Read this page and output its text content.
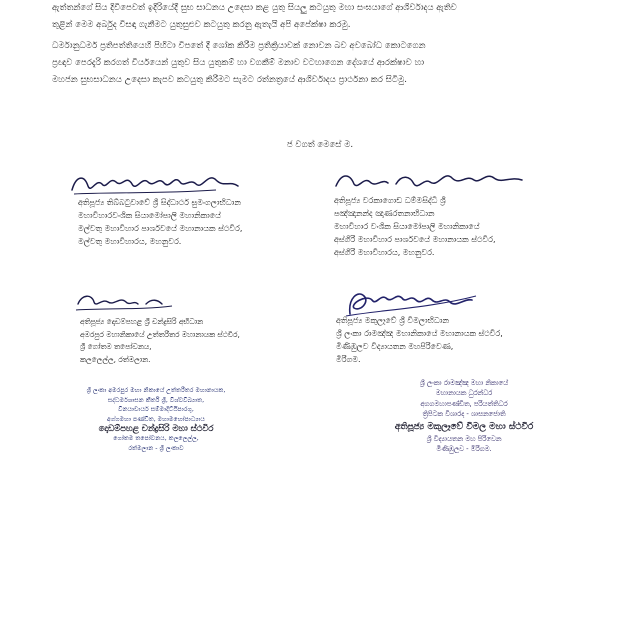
ඇත්තන්ගේ සිය දිවිපෙවත් ඉදිරියේදී සුභ සාධනය උදෙසා කළ යුතු සියලු කටයුතු මහා සංඝයාගේ ආශිර්වාදය ඇතිව
තුළින් මෙම අර්බුද විසඳා ගැනීමට යුතුසුළුව කටයුතු කරනු ඇතැයි අපි අපේක්ෂා කරමු.

ධර්මානුධර්ම ප්‍රතිපත්තියෙහි පිහිටා විපතේ දී ශෝක කිරීම ප්‍රතික්‍රියාවක් නොවන බව අවබෝධ කොටගෙන
ප්‍රඥාව පෙරදැරි කරගත් වීර්යයෙන් යුතුව සිය යුතුකම් හා වගකීම් මනාව වටහාගෙන දේශයේ ආරක්ෂාව හා
මහජන සුභසාධනය උදෙසා කැපව කටයුතු කිරීමට සැමට රත්නත්‍රයේ ආශිර්වාදය ප්‍රාර්ථනා කර සිටිමු.

ජ වගත් මෙසේ ම.
අතිපූජ්‍ය තිබ්බටුවාවේ ශ්‍රී සිද්ධාර්ථ සුමංගලාභිධාන
මහාවිහාරවංශික සියාමෝපාලි මහානිකායේ
මල්වතු මහාවිහාර පාර්ශවයේ මහානායක ස්ථවිර,
මල්වතු මහාවිහාරය, මහනුවර.
අතිපූජ්‍ය වරකාගොඩ ධම්මසිද්ධි ශ්‍රී
පඤ්ඤානන්ද ඤාණරතනාභිධාන
මහාවිහාර වංශික සියාමෝපාලි මහානිකායේ
අස්ගිරි මහාවිහාර පාර්ශවයේ මහානායක ස්ථවිර,
අස්ගිරි මහාවිහාරය, මහනුවර.
අතිපූජ්‍ය දොඩම්පහළ ශ්‍රී චන්ද්‍රසිරි අභිධාන
අමරපුර මහානිකායේ උත්තරීතර මහානායක ස්ථවිර,
ශ්‍රී ගෝතම තපෝවනය,
කලලෙල්ල, රත්මලාන.
අතිපූජ්‍ය මකුලෑවේ ශ්‍රී විමලාභිධාන
ශ්‍රී ලංකා රාමඤ්ඤ මහානිකායේ මහානායක ස්ථවිර,
මිණිඹුලව විද්‍යායතන මහපිරිවෙණ,
මීරිගම.
ශ්‍රී ලංකා අමරපුර මහා නිකායේ උත්තරීතර මහානායක,
සද්ධර්මශාසන කීර්ති ශ්‍රී, විශ්වවිඛ්‍යාත,
විනයාචාර්ය සම්මාදිට්ඨිපාරගු,
අග්ගමහා පණ්ඩිත, මහාමහෝපාධ්‍යාය
දොඩම්පහළ චන්ද්‍රසිරි මහා ස්ථවිර
ගෝතම තපෝවනය, කලලෙල්ල,
රත්මලාන - ශ්‍රී ලංකාව
ශ්‍රී ලංකා රාමඤ්ඤ මහා නිකායේ
මහානායක ධුරන්ධර
අගගමහාපණ්ඩිත, පරියත්තිධර
ත්‍රිපිටක විශාරද - ශාසනජොති
අතිපූජ්‍ය මකුලෑවේ විමල මහා ස්ථවිර
ශ්‍රී විද්‍යායතන මහ පිරිවෙන
මිණිඹුලව - මීරිගම.
